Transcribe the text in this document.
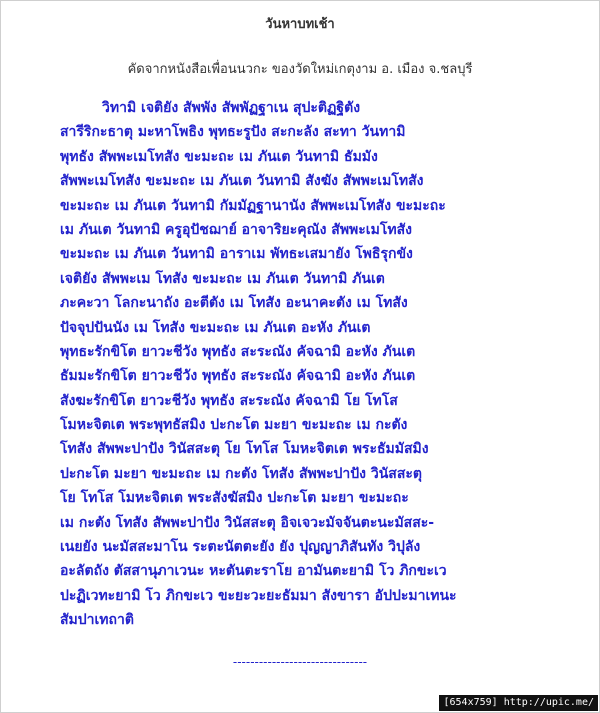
วันหาบทเช้า
คัดจากหนังสือเพื่อนนวกะ ของวัดใหม่เกตุงาม อ. เมือง จ.ชลบุรี
วิทามิ เจติยัง สัพพัง สัพพัฏฐาเน สุปะติฏฐิตัง
สารีริกะธาตุ มะหาโพธิง พุทธะรูปัง สะกะลัง สะทา วันทามิ
พุทธัง สัพพะเมโทสัง ขะมะถะ เม ภันเต วันทามิ ธัมมัง
สัพพะเมโทสัง ขะมะถะ เม ภันเต วันทามิ สังฆัง สัพพะเมโทสัง
ขะมะถะ เม ภันเต วันทามิ กัมมัฏฐานานัง สัพพะเมโทสัง ขะมะถะ
เม ภันเต วันทามิ ครูอุปัชฌาย์ อาจาริยะคุณัง สัพพะเมโทสัง
ขะมะถะ เม ภันเต วันทามิ อาราเม พัทธะเสมายัง โพธิรุกขัง
เจติยัง สัพพะเม โทสัง ขะมะถะ เม ภันเต วันทามิ ภันเต
ภะคะวา โลกะนาถัง อะตีตัง เม โทสัง อะนาคะตัง เม โทสัง
ปัจจุปปันนัง เม โทสัง ขะมะถะ เม ภันเต อะหัง ภันเต
พุทธะรักขิโต ยาวะชีวัง พุทธัง สะระณัง คัจฉามิ อะหัง ภันเต
ธัมมะรักขิโต ยาวะชีวัง พุทธัง สะระณัง คัจฉามิ อะหัง ภันเต
สังฆะรักขิโต ยาวะชีวัง พุทธัง สะระณัง คัจฉามิ โย โทโส
โมหะจิตเต พระพุทธัสมิง ปะกะโต มะยา ขะมะถะ เม กะตัง
โทสัง สัพพะปาปัง วินัสสะตุ โย โทโส โมหะจิตเต พระธัมมัสมิง
ปะกะโต มะยา ขะมะถะ เม กะตัง โทสัง สัพพะปาปัง วินัสสะตุ
โย โทโส โมหะจิตเต พระสังฆัสมิง ปะกะโต มะยา ขะมะถะ
เม กะตัง โทสัง สัพพะปาปัง วินัสสะตุ อิจเจวะมัจจันตะนะมัสสะ-
เนยยัง นะมัสสะมาโน ระตะนัตตะยัง ยัง ปุญญาภิสันทัง วิปุลัง
อะลัตถัง ตัสสานุภาเวนะ หะตันตะราโย อามันตะยามิ โว ภิกขะเว
ปะฏิเวทะยามิ โว ภิกขะเว ขะยะวะยะธัมมา สังขารา อัปปะมาเทนะ
สัมปาเทถาติ
-------------------------------
[654x759] http://upic.me/
